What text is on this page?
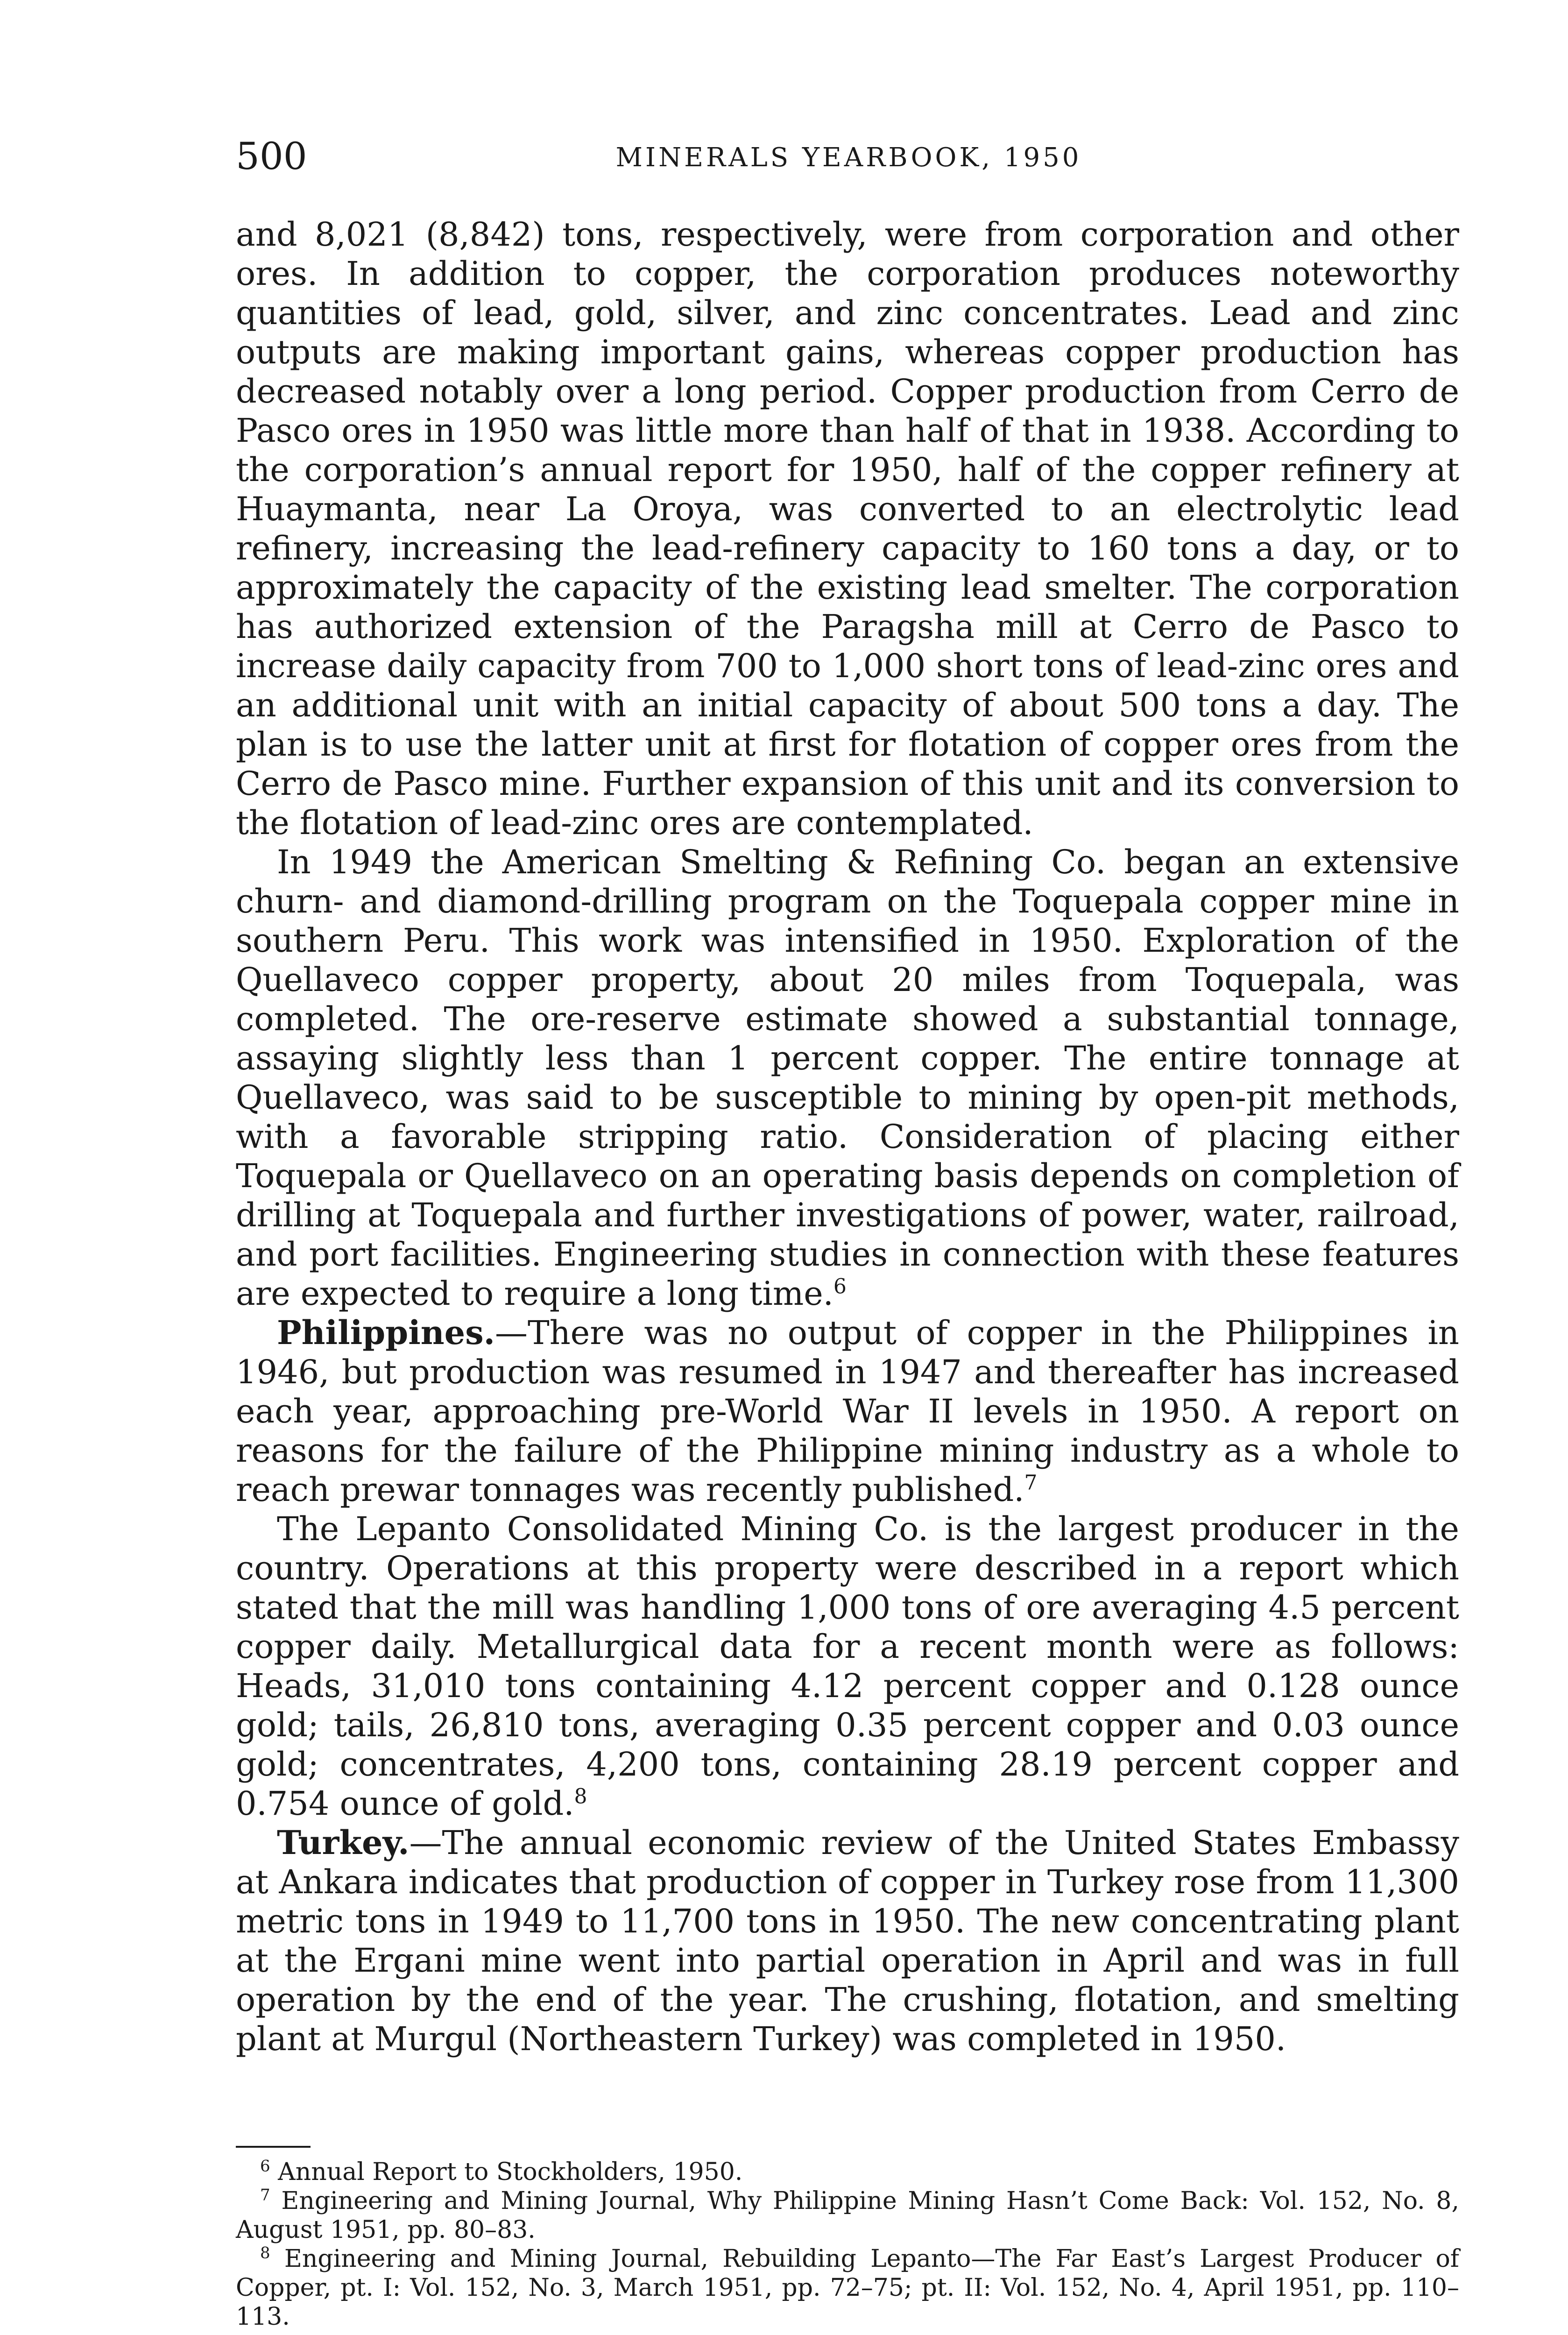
500	MINERALS YEARBOOK, 1950

and 8,021 (8,842) tons, respectively, were from corporation and other ores. In addition to copper, the corporation produces noteworthy quantities of lead, gold, silver, and zinc concentrates. Lead and zinc outputs are making important gains, whereas copper production has decreased notably over a long period. Copper production from Cerro de Pasco ores in 1950 was little more than half of that in 1938. According to the corporation’s annual report for 1950, half of the copper refinery at Huaymanta, near La Oroya, was converted to an electrolytic lead refinery, increasing the lead-refinery capacity to 160 tons a day, or to approximately the capacity of the existing lead smelter. The corporation has authorized extension of the Paragsha mill at Cerro de Pasco to increase daily capacity from 700 to 1,000 short tons of lead-zinc ores and an additional unit with an initial capacity of about 500 tons a day. The plan is to use the latter unit at first for flotation of copper ores from the Cerro de Pasco mine. Further expansion of this unit and its conversion to the flotation of lead-zinc ores are contemplated.

In 1949 the American Smelting & Refining Co. began an extensive churn- and diamond-drilling program on the Toquepala copper mine in southern Peru. This work was intensified in 1950. Exploration of the Quellaveco copper property, about 20 miles from Toquepala, was completed. The ore-reserve estimate showed a substantial tonnage, assaying slightly less than 1 percent copper. The entire tonnage at Quellaveco, was said to be susceptible to mining by open-pit methods, with a favorable stripping ratio. Consideration of placing either Toquepala or Quellaveco on an operating basis depends on completion of drilling at Toquepala and further investigations of power, water, railroad, and port facilities. Engineering studies in connection with these features are expected to require a long time.$^6$

Philippines.—There was no output of copper in the Philippines in 1946, but production was resumed in 1947 and thereafter has increased each year, approaching pre-World War II levels in 1950. A report on reasons for the failure of the Philippine mining industry as a whole to reach prewar tonnages was recently published.$^7$

The Lepanto Consolidated Mining Co. is the largest producer in the country. Operations at this property were described in a report which stated that the mill was handling 1,000 tons of ore averaging 4.5 percent copper daily. Metallurgical data for a recent month were as follows: Heads, 31,010 tons containing 4.12 percent copper and 0.128 ounce gold; tails, 26,810 tons, averaging 0.35 percent copper and 0.03 ounce gold; concentrates, 4,200 tons, containing 28.19 percent copper and 0.754 ounce of gold.$^8$

Turkey.—The annual economic review of the United States Embassy at Ankara indicates that production of copper in Turkey rose from 11,300 metric tons in 1949 to 11,700 tons in 1950. The new concentrating plant at the Ergani mine went into partial operation in April and was in full operation by the end of the year. The crushing, flotation, and smelting plant at Murgul (Northeastern Turkey) was completed in 1950.

$^6$ Annual Report to Stockholders, 1950.

$^7$ Engineering and Mining Journal, Why Philippine Mining Hasn’t Come Back: Vol. 152, No. 8, August 1951, pp. 80–83.

$^8$ Engineering and Mining Journal, Rebuilding Lepanto—The Far East’s Largest Producer of Copper, pt. I: Vol. 152, No. 3, March 1951, pp. 72–75; pt. II: Vol. 152, No. 4, April 1951, pp. 110–113.
